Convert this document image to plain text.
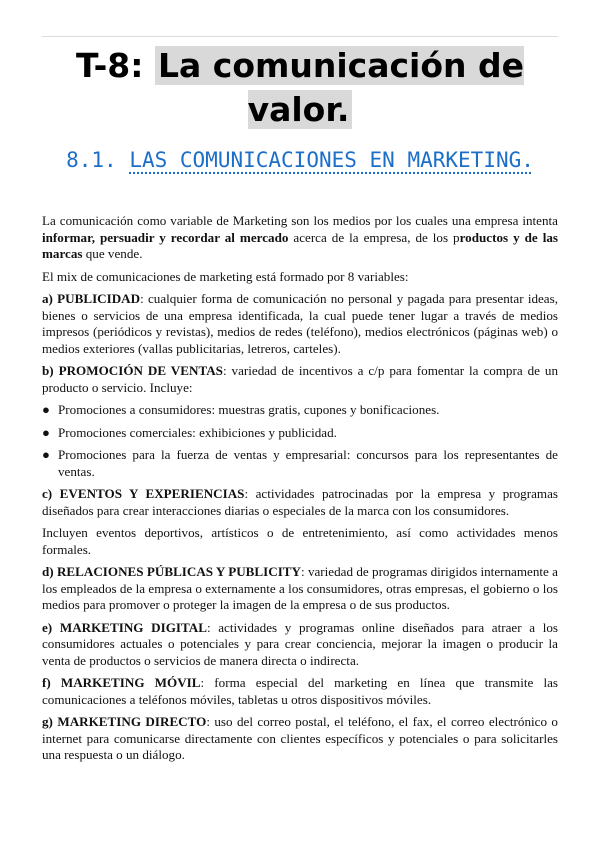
T-8: La comunicación de valor.
8.1. LAS COMUNICACIONES EN MARKETING.

La comunicación como variable de Marketing son los medios por los cuales una empresa intenta informar, persuadir y recordar al mercado acerca de la empresa, de los productos y de las marcas que vende.

El mix de comunicaciones de marketing está formado por 8 variables:

a) PUBLICIDAD: cualquier forma de comunicación no personal y pagada para presentar ideas, bienes o servicios de una empresa identificada, la cual puede tener lugar a través de medios impresos (periódicos y revistas), medios de redes (teléfono), medios electrónicos (páginas web) o medios exteriores (vallas publicitarias, letreros, carteles).

b) PROMOCIÓN DE VENTAS: variedad de incentivos a c/p para fomentar la compra de un producto o servicio. Incluye:

● Promociones a consumidores: muestras gratis, cupones y bonificaciones.
● Promociones comerciales: exhibiciones y publicidad.
● Promociones para la fuerza de ventas y empresarial: concursos para los representantes de ventas.

c) EVENTOS Y EXPERIENCIAS: actividades patrocinadas por la empresa y programas diseñados para crear interacciones diarias o especiales de la marca con los consumidores.

Incluyen eventos deportivos, artísticos o de entretenimiento, así como actividades menos formales.

d) RELACIONES PÚBLICAS Y PUBLICITY: variedad de programas dirigidos internamente a los empleados de la empresa o externamente a los consumidores, otras empresas, el gobierno o los medios para promover o proteger la imagen de la empresa o de sus productos.

e) MARKETING DIGITAL: actividades y programas online diseñados para atraer a los consumidores actuales o potenciales y para crear conciencia, mejorar la imagen o producir la venta de productos o servicios de manera directa o indirecta.

f) MARKETING MÓVIL: forma especial del marketing en línea que transmite las comunicaciones a teléfonos móviles, tabletas u otros dispositivos móviles.

g) MARKETING DIRECTO: uso del correo postal, el teléfono, el fax, el correo electrónico o internet para comunicarse directamente con clientes específicos y potenciales o para solicitarles una respuesta o un diálogo.
